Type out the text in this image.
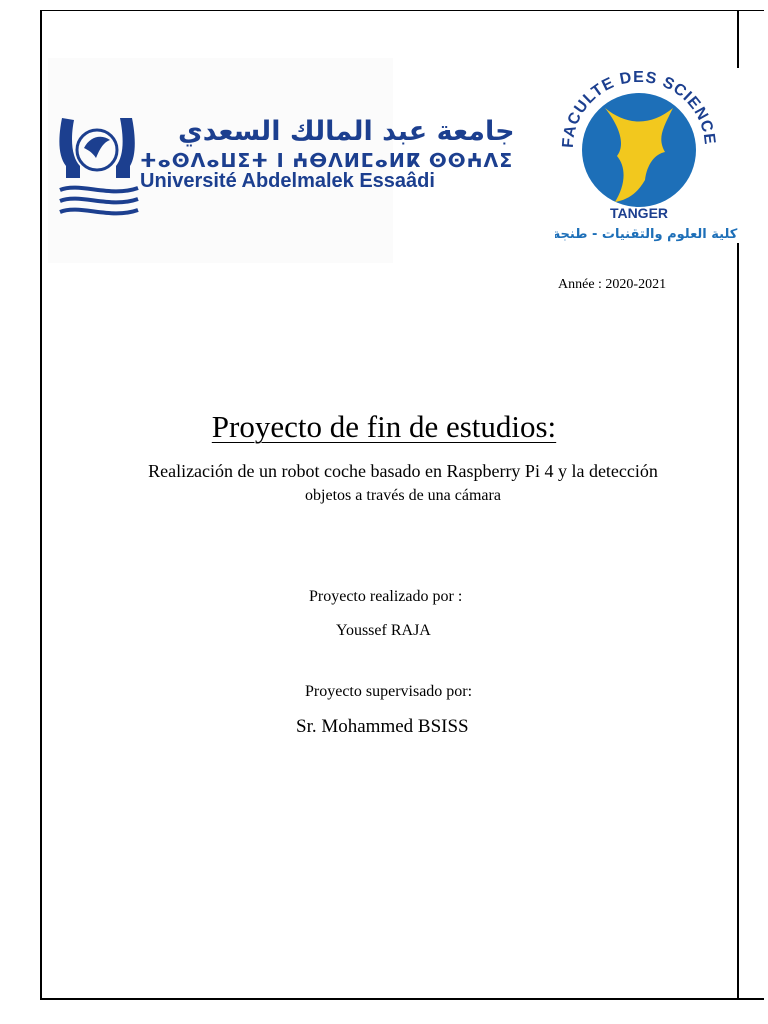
جامعة عبد المالك السعدي
ⵜⴰⵙⴷⴰⵡⵉⵜ ⵏ ⵄⴱⴷⵍⵎⴰⵍⴽ ⵙⵙⵄⴷⵉ
Université Abdelmalek Essaâdi
FACULTE DES SCIENCE
TANGER
كلية العلوم والتقنيات - طنجة
Année : 2020-2021
Proyecto de fin de estudios:
Realización de un robot coche basado en Raspberry Pi 4 y la detección
objetos a través de una cámara
Proyecto realizado por :
Youssef RAJA
Proyecto supervisado por:
Sr. Mohammed BSISS
